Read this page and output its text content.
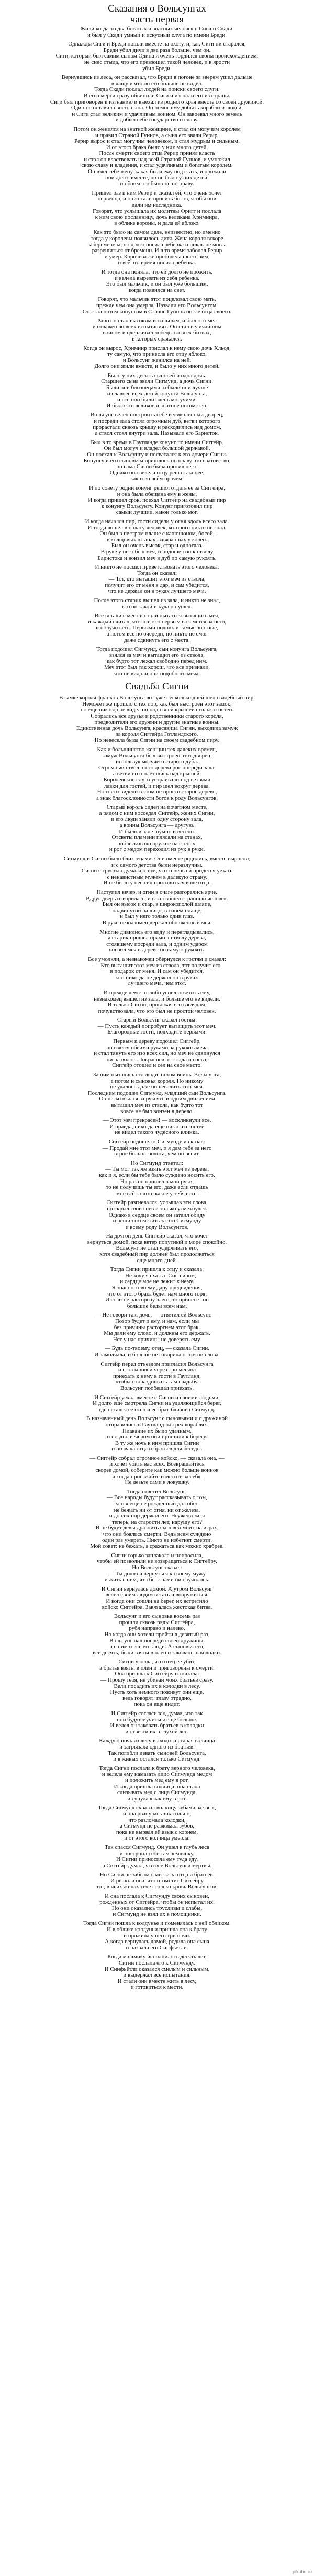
Сказания о Вольсунгах
часть первая

Жили когда-то два богатых и знатных человека: Сиги и Скади,
и был у Скади умный и искусный слуга по имени Бреди.

Однажды Сиги и Бреди пошли вместе на охоту, и, как Сиги ни старался,
Бреди убил дичи в два раза больше, чем он.
Сиги, который был самим сыном Одина и очень гордился своим происхождением,
не снес стыда, что его превзошел такой человек, и в ярости
убил Бреди.

Вернувшись из леса, он рассказал, что Бреди в погоне за зверем ушел дальше
в чащу и что он его больше не видел.
Тогда Скади послал людей на поиски своего слуги.
В его смерти сразу обвинили Сиги и изгнали его из страны.
Сиги был приговорен к изгнанию и выехал из родного края вместе со своей дружиной.
Один не оставил своего сына. Он помог ему добыть корабли и людей,
и Сиги стал великим и удачливым воином. Он завоевал много земель
и добыл себе государство и славу.

Потом он женился на знатной женщине, и стал он могучим королем
и правил Страной Гуннов, а сына его звали Рерир.
Рерир вырос и стал могучим человеком, и стал мудрым и сильным.
И от этого брака было у них много детей.
После смерти своего отца Рерир принял власть
и стал он властвовать над всей Страной Гуннов, и умножил
свою славу и владения, и стал удачливым и богатым королем.
Он взял себе жену, какая была ему под стать, и прожили
они долго вместе, но не было у них детей,
и обоим это было не по нраву.

Пришел раз к ним Рерир и сказал ей, что очень хочет
первенца, и они стали просить богов, чтобы они
дали им наследника.
Говорят, что услышала их молитвы Фригг и послала
к ним свою посланницу, дочь великана Хримнира,
в облике вороны, и дала ей яблоко.

Как это было на самом деле, неизвестно, но именно
тогда у королевы появилось дитя. Жена короля вскоре
забеременела, но долго носила ребенка и никак не могла
разрешиться от бремени. И в то время заболел Рерир
и умер. Королева же проболела шесть зим,
и всё это время носила ребенка.

И тогда она поняла, что ей долго не прожить,
и велела вырезать из себя ребенка.
Это был мальчик, и он был уже большим,
когда появился на свет.

Говорят, что мальчик этот поцеловал свою мать,
прежде чем она умерла. Назвали его Вольсунгом.
Он стал потом конунгом в Стране Гуннов после отца своего.

Рано он стал высоким и сильным, и был он смел
и отважен во всех испытаниях. Он стал величайшим
воином и одерживал победы во всех битвах,
в которых сражался.

Когда он вырос, Хримнир прислал к нему свою дочь Хльод,
ту самую, что принесла его отцу яблоко,
и Вольсунг женился на ней.
Долго они жили вместе, и было у них много детей.

Было у них десять сыновей и одна дочь.
Старшего сына звали Сигмунд, а дочь Сигни.
Были они близнецами, и были они лучше
и славнее всех детей конунга Вольсунга,
и все они были очень могучими.
И было это великое и знатное потомство.

Вольсунг велел построить себе великолепный дворец,
и посреди зала стоял огромный дуб, ветви которого
прорастали сквозь крышу и расходились над домом,
а ствол стоял внутри зала. Называли его Барнсток.

Был в то время в Гаутланде конунг по имени Сиггейр.
Он был могуч и владел большой державой.
Он поехал к Вольсунгу и посватался к его дочери Сигни.
Конунгу и его сыновьям пришлось по нраву это сватовство,
но сама Сигни была против него.
Однако она велела отцу решать за нее,
как и во всём прочем.

И по совету родни конунг решил отдать ее за Сиггейра,
и она была обещана ему в жены.
И когда пришел срок, поехал Сиггейр на свадебный пир
к конунгу Вольсунгу. Конунг приготовил пир
самый лучший, какой только мог.

И когда начался пир, гости сидели у огня вдоль всего зала.
И тогда вошел в палату человек, которого никто не знал.
Он был в пестром плаще с капюшоном, босой,
в холщовых штанах, завязанных у колен.
Был он очень высок, стар и одноглаз.
В руке у него был меч, и подошел он к стволу
Барнстока и вонзил меч в дуб по самую рукоять.

И никто не посмел приветствовать этого человека.
Тогда он сказал:
— Тот, кто вытащит этот меч из ствола,
получит его от меня в дар, и сам убедится,
что не держал он в руках лучшего меча.

После этого старик вышел из зала, и никто не знал,
кто он такой и куда он ушел.

Все встали с мест и стали пытаться вытащить меч,
и каждый считал, что тот, кто первым возьмется за него,
и получит его. Первыми подошли самые знатные,
а потом все по очереди, но никто не смог
даже сдвинуть его с места.

Тогда подошел Сигмунд, сын конунга Вольсунга,
взялся за меч и вытащил его из ствола,
как будто тот лежал свободно перед ним.
Меч этот был так хорош, что все признали,
что не видали они подобного меча.

Свадьба Сигни

В замке короля франков Вольсунга вот уже несколько дней шел свадебный пир.
Неможет же прошло с тех пор, как был выстроен этот замок,
но еще никогда не видел он под своей крышей столько гостей.
Собрались все друзья и родственники старого короля,
предводители его дружин и другие знатные воины.
Единственная дочь Вольсунга, красавица Сигни, выходила замуж
за короля Сиггейра Готландского.
Но невесела была Сигни на своем свадебном пиру.

Как и большинство женщин тех далеких времен,
замуж Вольсунга был выстроен этот дворец,
используя могучего старого дуба.
Огромный ствол этого дерева рос посреди зала,
а ветви его сплетались над крышей.
Королевские слуги устраивали под ветвями
лавки для гостей, и пир шел вокруг дерева.
Но гости видели в этом не просто старое дерево,
а знак благосклонности богов к роду Вольсунгов.

Старый король сидел на почетном месте,
а рядом с ним восседал Сиггейр, жених Сигни,
и его люди заняли одну сторону зала,
а воины Вольсунга — другую.
И было в зале шумно и весело.
Отсветы пламени плясали на стенах,
поблескивало оружие на стенах,
и рог с медом переходил из рук в руки.

Сигмунд и Сигни были близнецами. Они вместе родились, вместе выросли,
и с самого детства были неразлучны.
Сигни с грустью думала о том, что теперь ей придется уехать
с ненавистным мужем в далекую страну.
И не было у нее сил противиться воле отца.

Наступил вечер, и огни в очаге разгорелись ярче.
Вдруг дверь отворилась, и в зал вошел странный человек.
Был он высок и стар, в широкополой шляпе,
надвинутой на лицо, в синем плаще,
и был у него только один глаз.
В руке незнакомец держал обнаженный меч.

Многие дивились его виду и переглядывались,
а старик прошел прямо к стволу дерева,
стоявшему посреди зала, и одним ударом
вонзил меч в дерево по самую рукоять.

Все умолкли, а незнакомец обернулся к гостям и сказал:
— Кто вытащит этот меч из ствола, тот получит его
в подарок от меня. И сам он убедится,
что никогда не держал он в руках
лучшего меча, чем этот.

И прежде чем кто-либо успел ответить ему,
незнакомец вышел из зала, и больше его не видели.
И только Сигни, провожая его взглядом,
почувствовала, что это был не простой человек.

Старый Вольсунг сказал гостям:
— Пусть каждый попробует вытащить этот меч.
Благородные гости, подходите первыми.

Первым к дереву подошел Сиггейр,
он взялся обеими руками за рукоять меча
и стал тянуть его изо всех сил, но меч не сдвинулся
ни на волос. Покраснев от стыда и гнева,
Сиггейр отошел и сел на свое место.

За ним пытались его люди, потом воины Вольсунга,
а потом и сыновья короля. Но никому
не удалось даже пошевелить этот меч.
Последним подошел Сигмунд, младший сын Вольсунга.
Он легко взялся за рукоять и одним движением
вытащил меч из ствола, как будто тот
вовсе не был вонзен в дерево.

— Этот меч прекрасен! — воскликнули все.
И правда, никогда еще никто из гостей
не видел такого чудесного клинка.

Сиггейр подошел к Сигмунду и сказал:
— Продай мне этот меч, и я дам тебе за него
втрое больше золота, чем он весит.

Но Сигмунд ответил:
— Ты мог так же взять этот меч из дерева,
как и я, если бы тебе было суждено носить его.
Но раз он пришел в мои руки,
то не получишь ты его, даже если отдашь
мне всё золото, какое у тебя есть.

Сиггейр разгневался, услышав эти слова,
но скрыл свой гнев и только усмехнулся.
Однако в сердце своем он затаил обиду
и решил отомстить за это Сигмунду
и всему роду Вольсунгов.

На другой день Сиггейр сказал, что хочет
вернуться домой, пока ветер попутный и море спокойно.
Вольсунг не стал удерживать его,
хотя свадебный пир должен был продолжаться
еще много дней.

Тогда Сигни пришла к отцу и сказала:
— Не хочу я ехать с Сиггейром,
и сердце мое не лежит к нему.
Я знаю по своему дару предвидения,
что от этого брака будет нам много горя.
И если не расторгнуть его, то принесет он
большие беды всем нам.

— Не говори так, дочь, — ответил ей Вольсунг. —
Позор будет и ему, и нам, если мы
без причины расторгнем этот брак.
Мы дали ему слово, и должны его держать.
Нет у нас причины не доверять ему.

— Будь по-твоему, отец, — сказала Сигни.
И замолчала, и больше не говорила о том ни слова.

Сиггейр перед отъездом пригласил Вольсунга
и его сыновей через три месяца
приехать к нему в гости в Гаутланд,
чтобы отпраздновать там свадьбу.
Вольсунг пообещал приехать.

И Сиггейр уехал вместе с Сигни и своими людьми.
И долго еще смотрела Сигни на удаляющийся берег,
где остался ее отец и ее брат-близнец Сигмунд.

В назначенный день Вольсунг с сыновьями и с дружиной
отправились в Гаутланд на трех кораблях.
Плавание их было удачным,
и поздно вечером они пристали к берегу.
В ту же ночь к ним пришла Сигни
и позвала отца и братьев для беседы.

— Сиггейр собрал огромное войско, — сказала она, —
и хочет убить вас всех. Возвращайтесь
скорее домой, соберите как можно больше воинов
и тогда приезжайте и мстите за себя.
Не лезьте сами в ловушку.

Тогда ответил Вольсунг:
— Все народы будут рассказывать о том,
что я еще не рожденный дал обет
не бежать ни от огня, ни от железа,
и до сих пор держал его. Неужели же я
теперь, на старости лет, нарушу его?
И не будут девы дразнить сыновей моих на играх,
что они боялись смерти. Ведь всем суждено
один раз умереть. Никто не избегнет смерти.
Мой совет: не бежать, а сражаться как можно храбрее.

Сигни горько заплакала и попросила,
чтобы ей позволили не возвращаться к Сиггейру.
Но Вольсунг сказал:
— Ты должна вернуться к своему мужу
и жить с ним, что бы с нами ни случилось.

И Сигни вернулась домой. А утром Вольсунг
велел своим людям встать и вооружиться.
И когда они сошли на берег, их встретило
войско Сиггейра. Завязалась жестокая битва.

Вольсунг и его сыновья восемь раз
прошли сквозь ряды Сиггейра,
рубя направо и налево.
Но когда они хотели пройти в девятый раз,
Вольсунг пал посреди своей дружины,
а с ним и все его люди. А сыновья его,
все десять, были взяты в плен и закованы в колодки.

Сигни узнала, что отец ее убит,
а братья взяты в плен и приговорены к смерти.
Она пришла к Сиггейру и сказала:
— Прошу тебя, не убивай моих братьев сразу.
Вели посадить их в колодки в лесу.
Пусть хоть немного поживут они еще,
ведь говорят: глазу отрадно,
пока он еще видит.

И Сиггейр согласился, думая, что так
они будут мучиться еще больше.
И велел он заковать братьев в колодки
и отвезти их в глухой лес.

Каждую ночь из лесу выходила старая волчица
и загрызала одного из братьев.
Так погибли девять сыновей Вольсунга,
и в живых остался только Сигмунд.

Тогда Сигни послала к брату верного человека,
и велела ему намазать лицо Сигмунда медом
и положить мед ему в рот.
И когда пришла волчица, она стала
слизывать мед с лица Сигмунда,
и сунула язык ему в рот.

Тогда Сигмунд схватил волчицу зубами за язык,
и она рванулась так сильно,
что разломала колодки,
а Сигмунд не разжимал зубов,
пока не вырвал ей язык с корнем,
и от этого волчица умерла.

Так спасся Сигмунд. Он ушел в глубь леса
и построил себе там землянку.
И Сигни приносила ему туда еду,
а Сиггейр думал, что все Вольсунги мертвы.

Но Сигни не забыла о мести за отца и братьев.
И решила она, что отомстит Сиггейру
тот, в чьих жилах течет только кровь Вольсунгов.

И она послала к Сигмунду своих сыновей,
рожденных от Сиггейра, чтобы он испытал их.
Но они оказались трусливы и слабы,
и Сигмунд не взял их в помощники.

Тогда Сигни пошла к колдунье и поменялась с ней обликом.
И в облике колдуньи пришла она к брату
и прожила у него три ночи.
А когда вернулась домой, родила она сына
и назвала его Синфьётли.

Когда мальчику исполнилось десять лет,
Сигни послала его к Сигмунду.
И Синфьётли оказался смелым и сильным,
и выдержал все испытания.
И стали они вместе жить в лесу,
и готовиться к мести.

pikabu.ru
